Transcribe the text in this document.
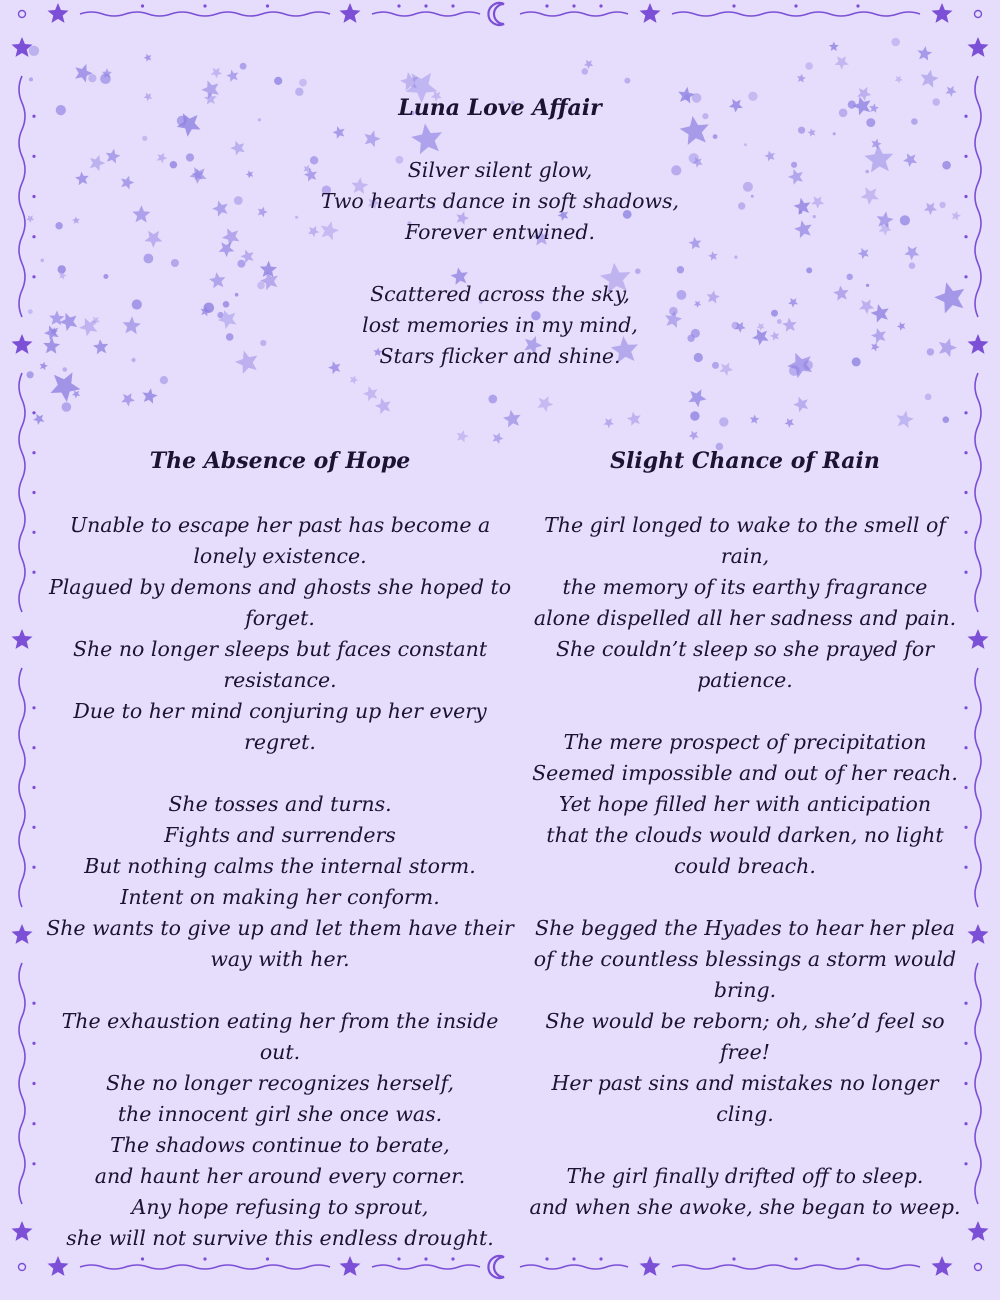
Luna Love Affair

Silver silent glow,

Two hearts dance in soft shadows,

Forever entwined.

Scattered across the sky,

lost memories in my mind,

Stars flicker and shine.

The Absence of Hope

Unable to escape her past has become a lonely existence.

Plagued by demons and ghosts she hoped to forget.

She no longer sleeps but faces constant resistance.

Due to her mind conjuring up her every regret.

She tosses and turns.

Fights and surrenders

But nothing calms the internal storm.

Intent on making her conform.

She wants to give up and let them have their way with her.

The exhaustion eating her from the inside out.

She no longer recognizes herself,

the innocent girl she once was.

The shadows continue to berate,

and haunt her around every corner.

Any hope refusing to sprout,

she will not survive this endless drought.

Slight Chance of Rain

The girl longed to wake to the smell of rain,

the memory of its earthy fragrance

alone dispelled all her sadness and pain.

She couldn’t sleep so she prayed for patience.

The mere prospect of precipitation

Seemed impossible and out of her reach.

Yet hope filled her with anticipation

that the clouds would darken, no light could breach.

She begged the Hyades to hear her plea

of the countless blessings a storm would bring.

She would be reborn; oh, she’d feel so free!

Her past sins and mistakes no longer cling.

The girl finally drifted off to sleep.

and when she awoke, she began to weep.
